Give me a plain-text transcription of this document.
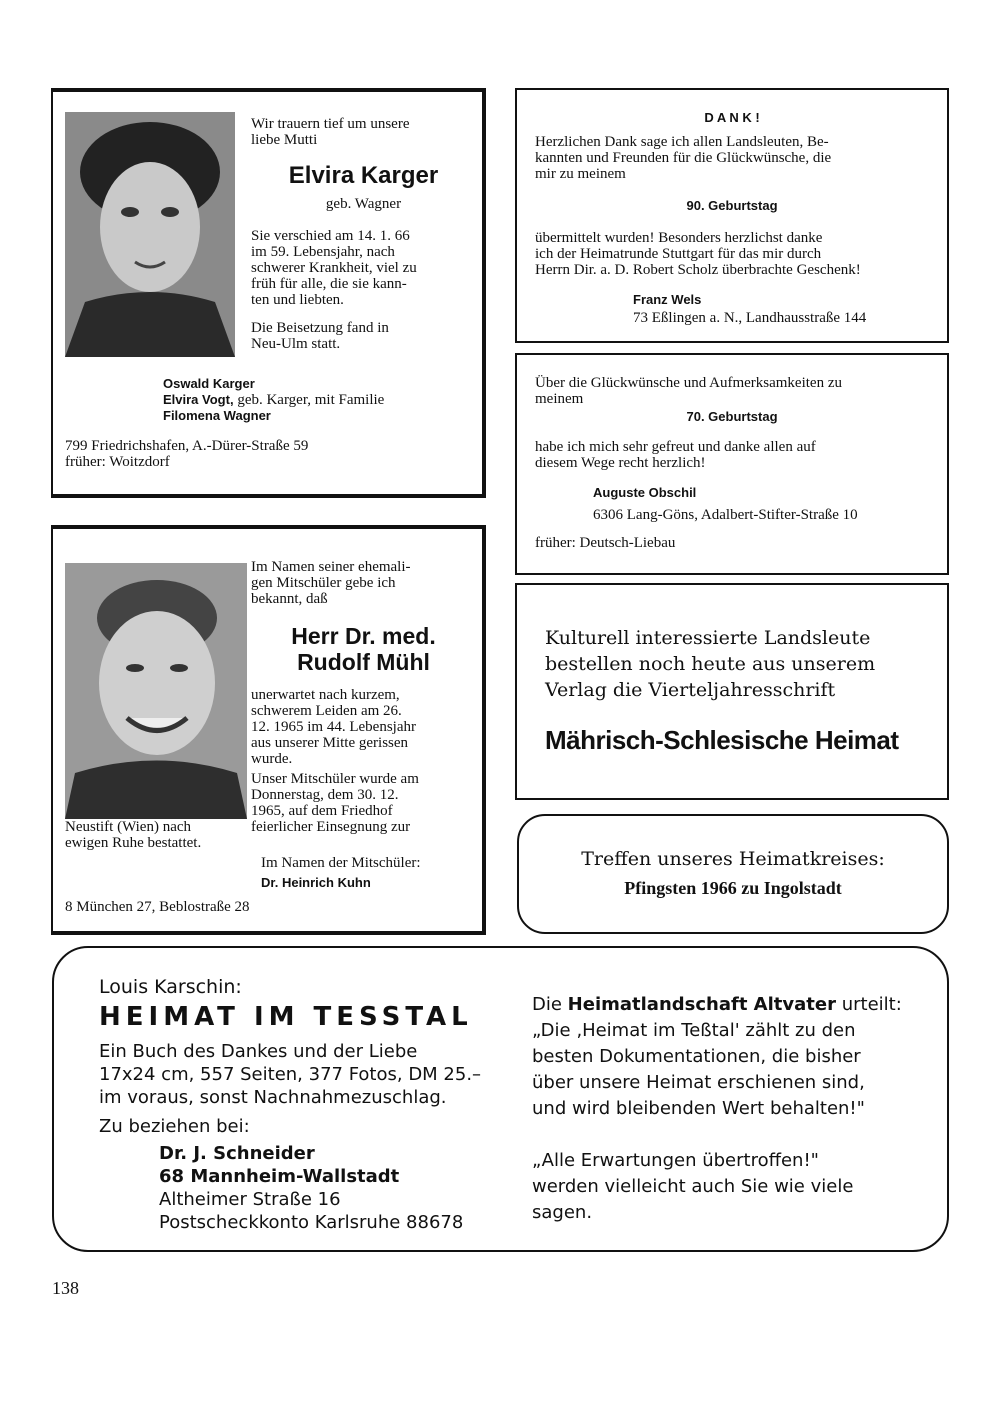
Wir trauern tief um unsere
liebe Mutti
Elvira Karger
geb. Wagner
Sie verschied am 14. 1. 66
im 59. Lebensjahr, nach
schwerer Krankheit, viel zu
früh für alle, die sie kann-
ten und liebten.
Die Beisetzung fand in
Neu-Ulm statt.
Oswald Karger
Elvira Vogt, geb. Karger, mit Familie
Filomena Wagner
799 Friedrichshafen, A.-Dürer-Straße 59
früher: Woitzdorf
Im Namen seiner ehemali-
gen Mitschüler gebe ich
bekannt, daß
Herr Dr. med.
Rudolf Mühl
unerwartet nach kurzem,
schwerem Leiden am 26.
12. 1965 im 44. Lebensjahr
aus unserer Mitte gerissen
wurde.
Unser Mitschüler wurde am
Donnerstag, dem 30. 12.
1965, auf dem Friedhof
feierlicher Einsegnung zur
Neustift (Wien) nach
ewigen Ruhe bestattet.
Im Namen der Mitschüler:
Dr. Heinrich Kuhn
8 München 27, Beblostraße 28
D A N K !
Herzlichen Dank sage ich allen Landsleuten, Be-
kannten und Freunden für die Glückwünsche, die
mir zu meinem
90. Geburtstag
übermittelt wurden! Besonders herzlichst danke
ich der Heimatrunde Stuttgart für das mir durch
Herrn Dir. a. D. Robert Scholz überbrachte Geschenk!
Franz Wels
73 Eßlingen a. N., Landhausstraße 144
Über die Glückwünsche und Aufmerksamkeiten zu
meinem
70. Geburtstag
habe ich mich sehr gefreut und danke allen auf
diesem Wege recht herzlich!
Auguste Obschil
6306 Lang-Göns, Adalbert-Stifter-Straße 10
früher: Deutsch-Liebau
Kulturell interessierte Landsleute
bestellen noch heute aus unserem
Verlag die Vierteljahresschrift
Mährisch-Schlesische Heimat
Treffen unseres Heimatkreises:
Pfingsten 1966 zu Ingolstadt
Louis Karschin:
HEIMAT IM TESSTAL
Ein Buch des Dankes und der Liebe
17x24 cm, 557 Seiten, 377 Fotos, DM 25.–
im voraus, sonst Nachnahmezuschlag.
Zu beziehen bei:
Dr. J. Schneider
68 Mannheim-Wallstadt
Altheimer Straße 16
Postscheckkonto Karlsruhe 88678
Die Heimatlandschaft Altvater urteilt:
„Die ‚Heimat im Teßtal' zählt zu den
besten Dokumentationen, die bisher
über unsere Heimat erschienen sind,
und wird bleibenden Wert behalten!"
„Alle Erwartungen übertroffen!"
werden vielleicht auch Sie wie viele
sagen.
138
